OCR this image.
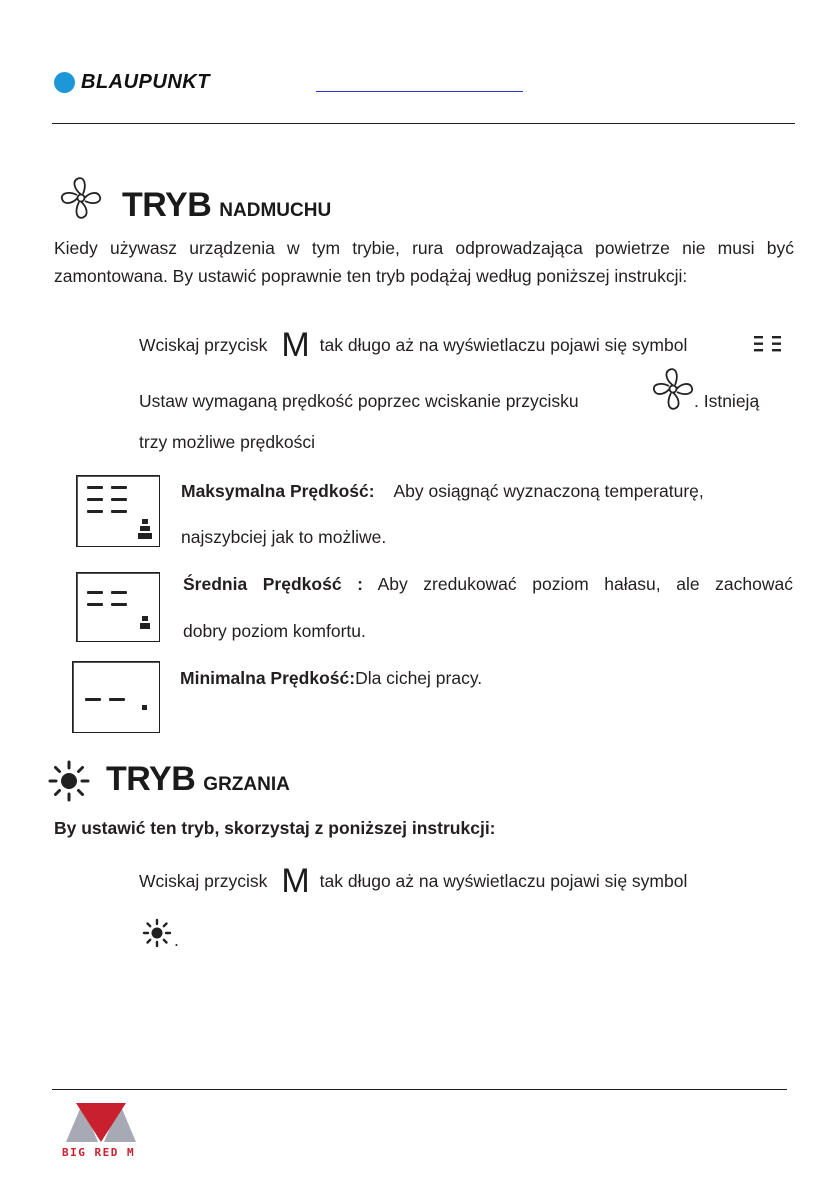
BLAUPUNKT
TRYB NADMUCHU
Kiedy używasz urządzenia w tym trybie, rura odprowadzająca powietrze nie musi być zamontowana. By ustawić poprawnie ten tryb podążaj według poniższej instrukcji:
Wciskaj przycisk M tak długo aż na wyświetlaczu pojawi się symbol
Ustaw wymaganą prędkość poprzec wciskanie przycisku	. Istnieją
trzy możliwe prędkości
Maksymalna Prędkość: Aby osiągnąć wyznaczoną temperaturę,
najszybciej jak to możliwe.
Średnia Prędkość : Aby zredukować poziom hałasu, ale zachować
dobry poziom komfortu.
Minimalna Prędkość:Dla cichej pracy.
TRYB GRZANIA
By ustawić ten tryb, skorzystaj z poniższej instrukcji:
Wciskaj przycisk M tak długo aż na wyświetlaczu pojawi się symbol
.
BIG RED M
